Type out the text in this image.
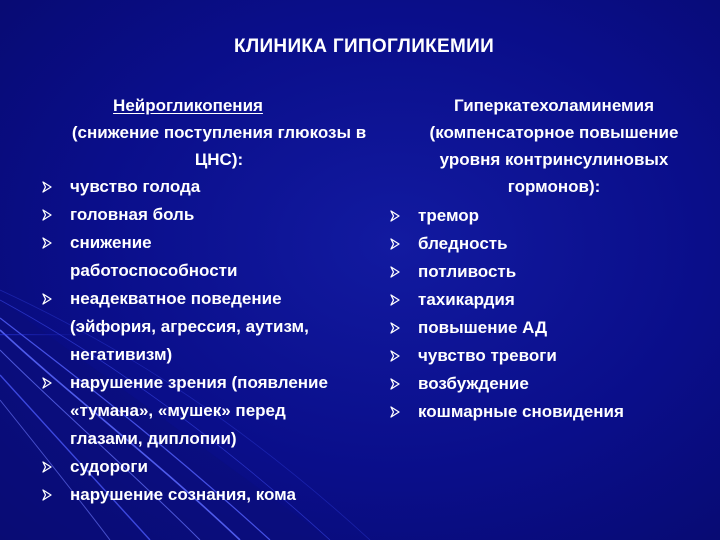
КЛИНИКА ГИПОГЛИКЕМИИ
Нейрогликопения
(снижение поступления глюкозы в ЦНС):
чувство голода
головная боль
снижение работоспособности
неадекватное поведение (эйфория, агрессия, аутизм, негативизм)
нарушение зрения (появление «тумана», «мушек» перед глазами, диплопии)
судороги
нарушение сознания, кома
Гиперкатехоламинемия
(компенсаторное повышение уровня контринсулиновых гормонов):
тремор
бледность
потливость
тахикардия
повышение АД
чувство тревоги
возбуждение
кошмарные сновидения
